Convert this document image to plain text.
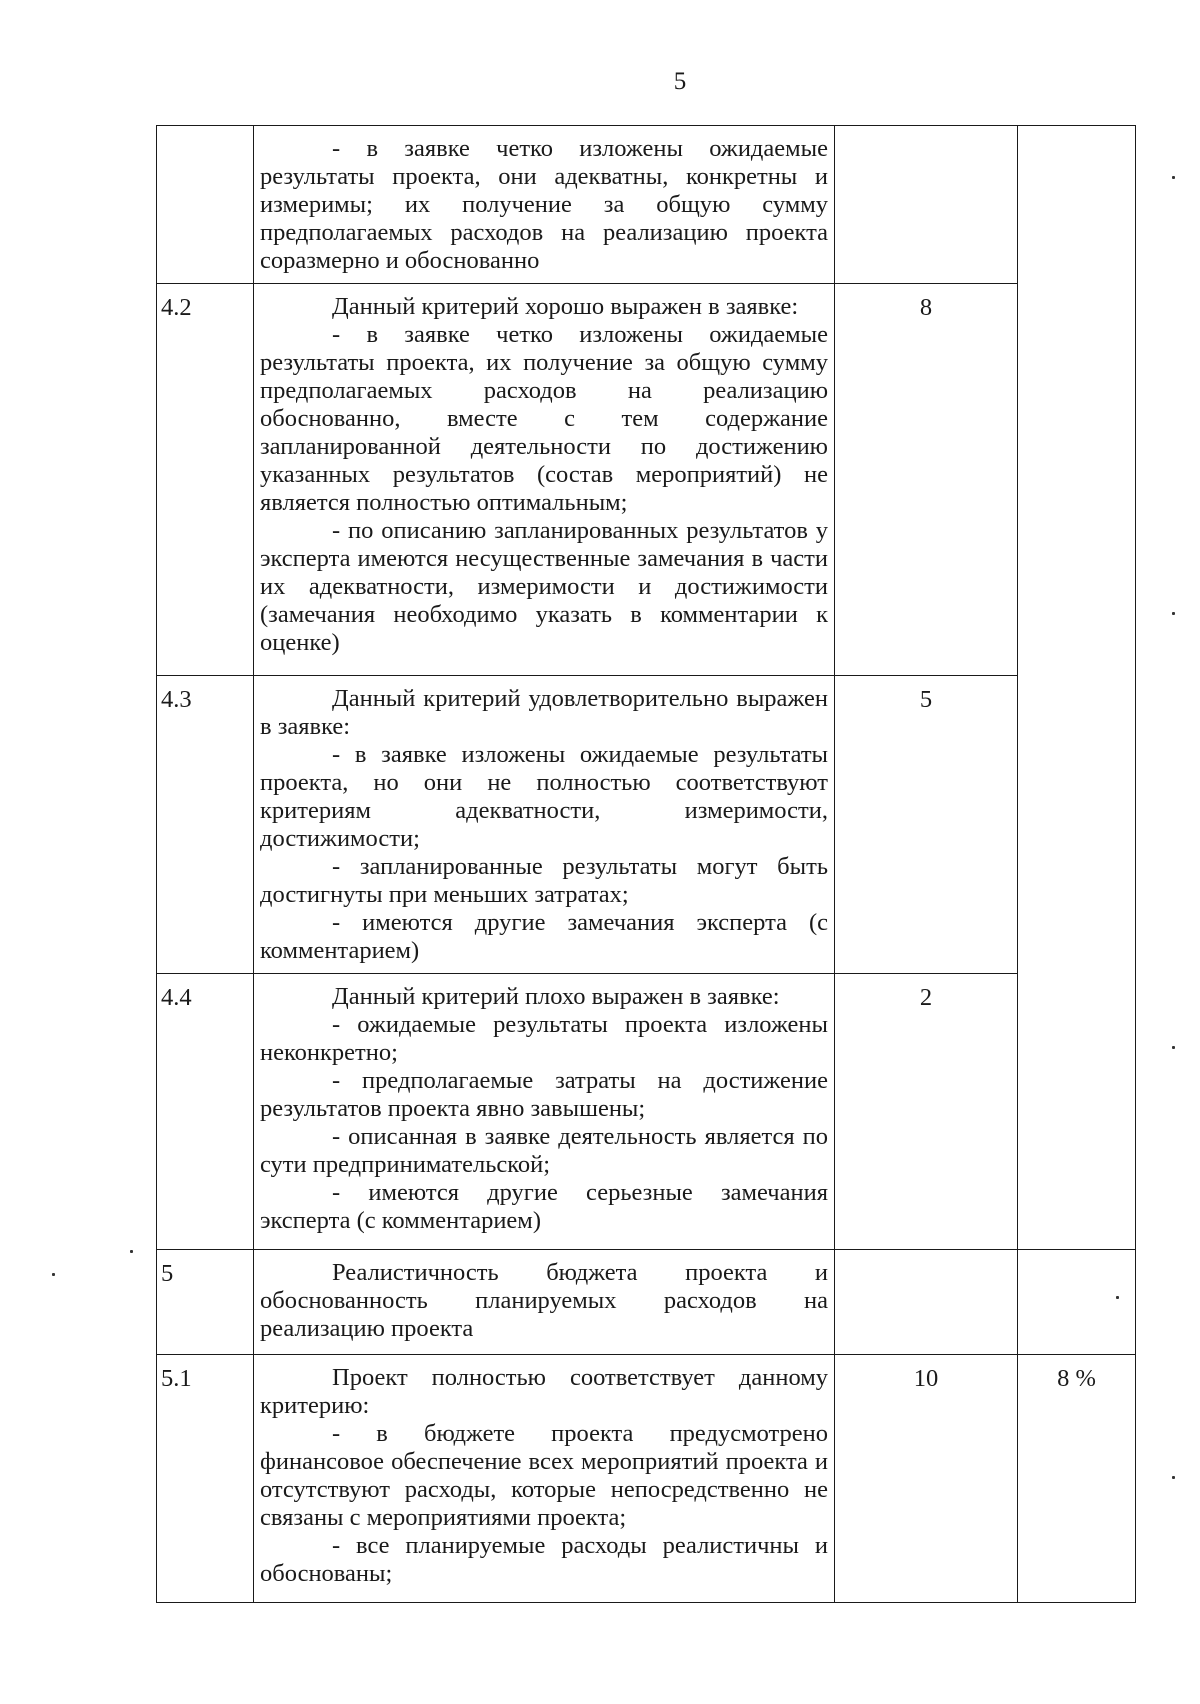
5

	- в заявке четко изложены ожидаемые результаты проекта, они адекватны, конкретны и измеримы; их получение за общую сумму предполагаемых расходов на реализацию проекта соразмерно и обоснованно		

4.2	Данный критерий хорошо выражен в заявке:

- в заявке четко изложены ожидаемые результаты проекта, их получение за общую сумму предполагаемых расходов на реализацию обоснованно, вместе с тем содержание запланированной деятельности по достижению указанных результатов (состав мероприятий) не является полностью оптимальным;

- по описанию запланированных результатов у эксперта имеются несущественные замечания в части их адекватности, измеримости и достижимости (замечания необходимо указать в комментарии к оценке)	8	
4.3	Данный критерий удовлетворительно выражен в заявке:

- в заявке изложены ожидаемые результаты проекта, но они не полностью соответствуют критериям адекватности, измеримости, достижимости;

- запланированные результаты могут быть достигнуты при меньших затратах;

- имеются другие замечания эксперта (с комментарием)	5	
4.4	Данный критерий плохо выражен в заявке:

- ожидаемые результаты проекта изложены неконкретно;

- предполагаемые затраты на достижение результатов проекта явно завышены;

- описанная в заявке деятельность является по сути предпринимательской;

- имеются другие серьезные замечания эксперта (с комментарием)	2	
5	Реалистичность бюджета проекта и обоснованность планируемых расходов на реализацию проекта		

5.1	Проект полностью соответствует данному критерию:

- в бюджете проекта предусмотрено финансовое обеспечение всех мероприятий проекта и отсутствуют расходы, которые непосредственно не связаны с мероприятиями проекта;

- все планируемые расходы реалистичны и обоснованы;	10	8 %
